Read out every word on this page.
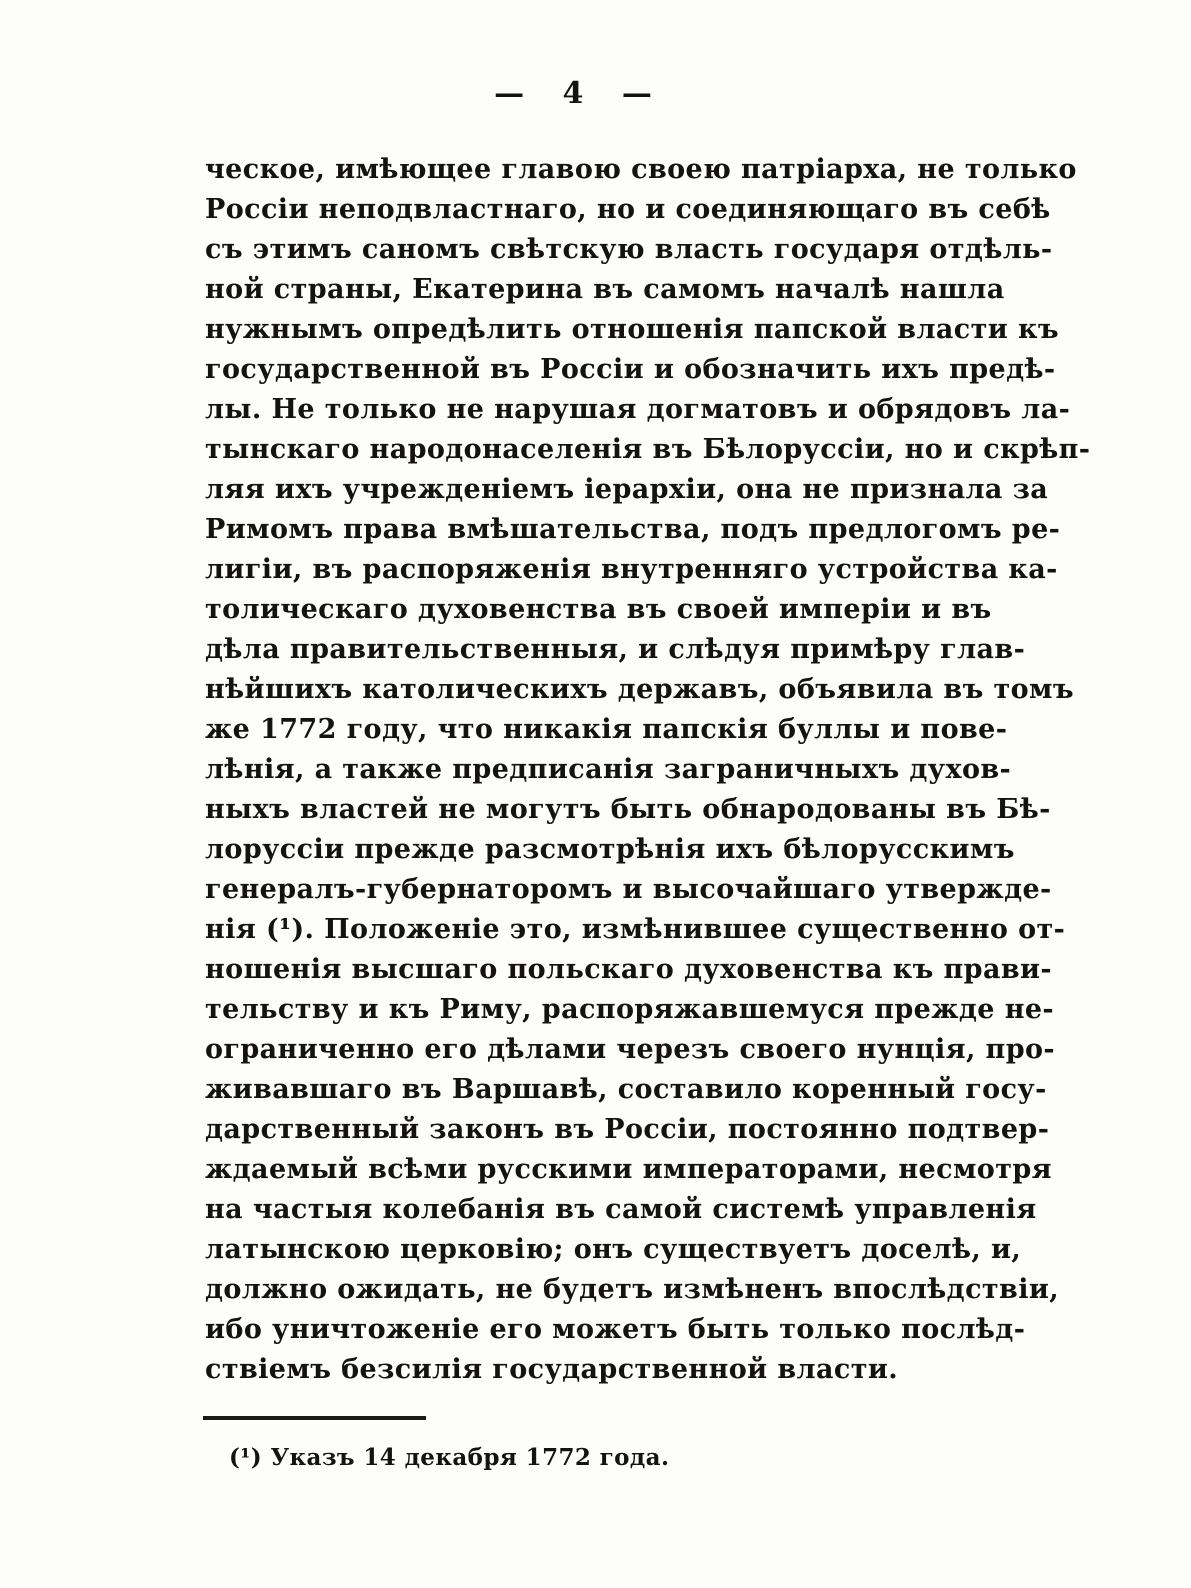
— 4 —
ческое, имѣющее главою своею патріарха, не только
Россіи неподвластнаго, но и соединяющаго въ себѣ
съ этимъ саномъ свѣтскую власть государя отдѣль-
ной страны, Екатерина въ самомъ началѣ нашла
нужнымъ опредѣлить отношенія папской власти къ
государственной въ Россіи и обозначить ихъ предѣ-
лы. Не только не нарушая догматовъ и обрядовъ ла-
тынскаго народонаселенія въ Бѣлоруссіи, но и скрѣп-
ляя ихъ учрежденіемъ іерархіи, она не признала за
Римомъ права вмѣшательства, подъ предлогомъ ре-
лигіи, въ распоряженія внутренняго устройства ка-
толическаго духовенства въ своей имперіи и въ
дѣла правительственныя, и слѣдуя примѣру глав-
нѣйшихъ католическихъ державъ, объявила въ томъ
же 1772 году, что никакія папскія буллы и пове-
лѣнія, а также предписанія заграничныхъ духов-
ныхъ властей не могутъ быть обнародованы въ Бѣ-
лоруссіи прежде разсмотрѣнія ихъ бѣлорусскимъ
генералъ-губернаторомъ и высочайшаго утвержде-
нія (¹). Положеніе это, измѣнившее существенно от-
ношенія высшаго польскаго духовенства къ прави-
тельству и къ Риму, распоряжавшемуся прежде не-
ограниченно его дѣлами черезъ своего нунція, про-
живавшаго въ Варшавѣ, составило коренный госу-
дарственный законъ въ Россіи, постоянно подтвер-
ждаемый всѣми русскими императорами, несмотря
на частыя колебанія въ самой системѣ управленія
латынскою церковію; онъ существуетъ доселѣ, и,
должно ожидать, не будетъ измѣненъ впослѣдствіи,
ибо уничтоженіе его можетъ быть только послѣд-
ствіемъ безсилія государственной власти.
(¹) Указъ 14 декабря 1772 года.
